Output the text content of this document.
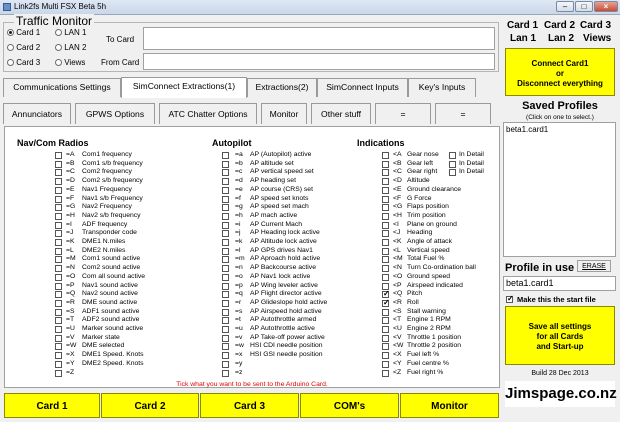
Link2fs Multi FSX Beta 5h	–	□	×
Traffic Monitor
Card 1	LAN 1
Card 2	LAN 2
Card 3	Views
To Card
From Card
Communications Settings	SimConnect Extractions(1)	Extractions(2)	SimConnect Inputs	Key's Inputs
Annunciators	GPWS Options	ATC Chatter Options	Monitor	Other stuff	=	=
Nav/Com Radios	Autopilot	Indications
=A Com1 frequency
=B Com1 s/b frequency
=C Com2 frequency
=D Com2 s/b frequency
=E Nav1 Frequency
=F Nav1 s/b Frequency
=G Nav2 Frequency
=H Nav2 s/b frequency
=I ADF frequency
=J Transponder code
=K DME1 N.miles
=L DME2 N.miles
=M Com1 sound active
=N Com2 sound active
=O Com all sound active
=P Nav1 sound active
=Q Nav2 sound active
=R DME sound active
=S ADF1 sound active
=T ADF2 sound active
=U Marker sound active
=V Marker state
=W DME selected
=X DME1 Speed. Knots
=Y DME2 Speed. Knots
=Z
=a AP (Autopilot) active
=b AP altitude set
=c AP vertical speed set
=d AP heading set
=e AP course (CRS) set
=f AP speed set knots
=g AP speed set mach
=h AP mach active
=i AP Current Mach
=j AP Heading lock active
=k AP Altitude lock active
=l AP GPS drives Nav1
=m AP Aproach hold active
=n AP Backcourse active
=o AP Nav1 lock active
=p AP Wing leveler active
=q AP Flight director active
=r AP Glideslope hold active
=s AP Airspeed hold active
=t AP Autothrottle armed
=u AP Autothrottle active
=v AP Take-off power active
=w HSI CDI needle position
=x HSI GSI needle position
=y
=z
<A Gear nose	In Detail
<B Gear left	In Detail
<C Gear right	In Detail
<D Altitude
<E Ground clearance
<F G Force
<G Flaps position
<H Trim position
<I Plane on ground
<J Heading
<K Angle of attack
<L Vertical speed
<M Total Fuel %
<N Turn Co-ordination ball
<O Ground speed
<P Airspeed indicated
✓
<Q Pitch
✓
<R Roll
<S Stall warning
<T Engine 1 RPM
<U Engine 2 RPM
<V Throttle 1 position
<W Throttle 2 position
<X Fuel left %
<Y Fuel centre %
<Z Fuel right %
Tick what you want to be sent to the Arduino Card.
Card 1	Card 2	Card 3	COM's	Monitor
Card 1 Card 2 Card 3
Lan 1 Lan 2 Views
Connect Card1
or
Disconnect everything
Saved Profiles
(Click on one to select.)
beta1.card1
Profile in use	ERASE
beta1.card1
✓
Make this the start file
Save all settings
for all Cards
and Start-up
Build 28 Dec 2013
Jimspage.co.nz
